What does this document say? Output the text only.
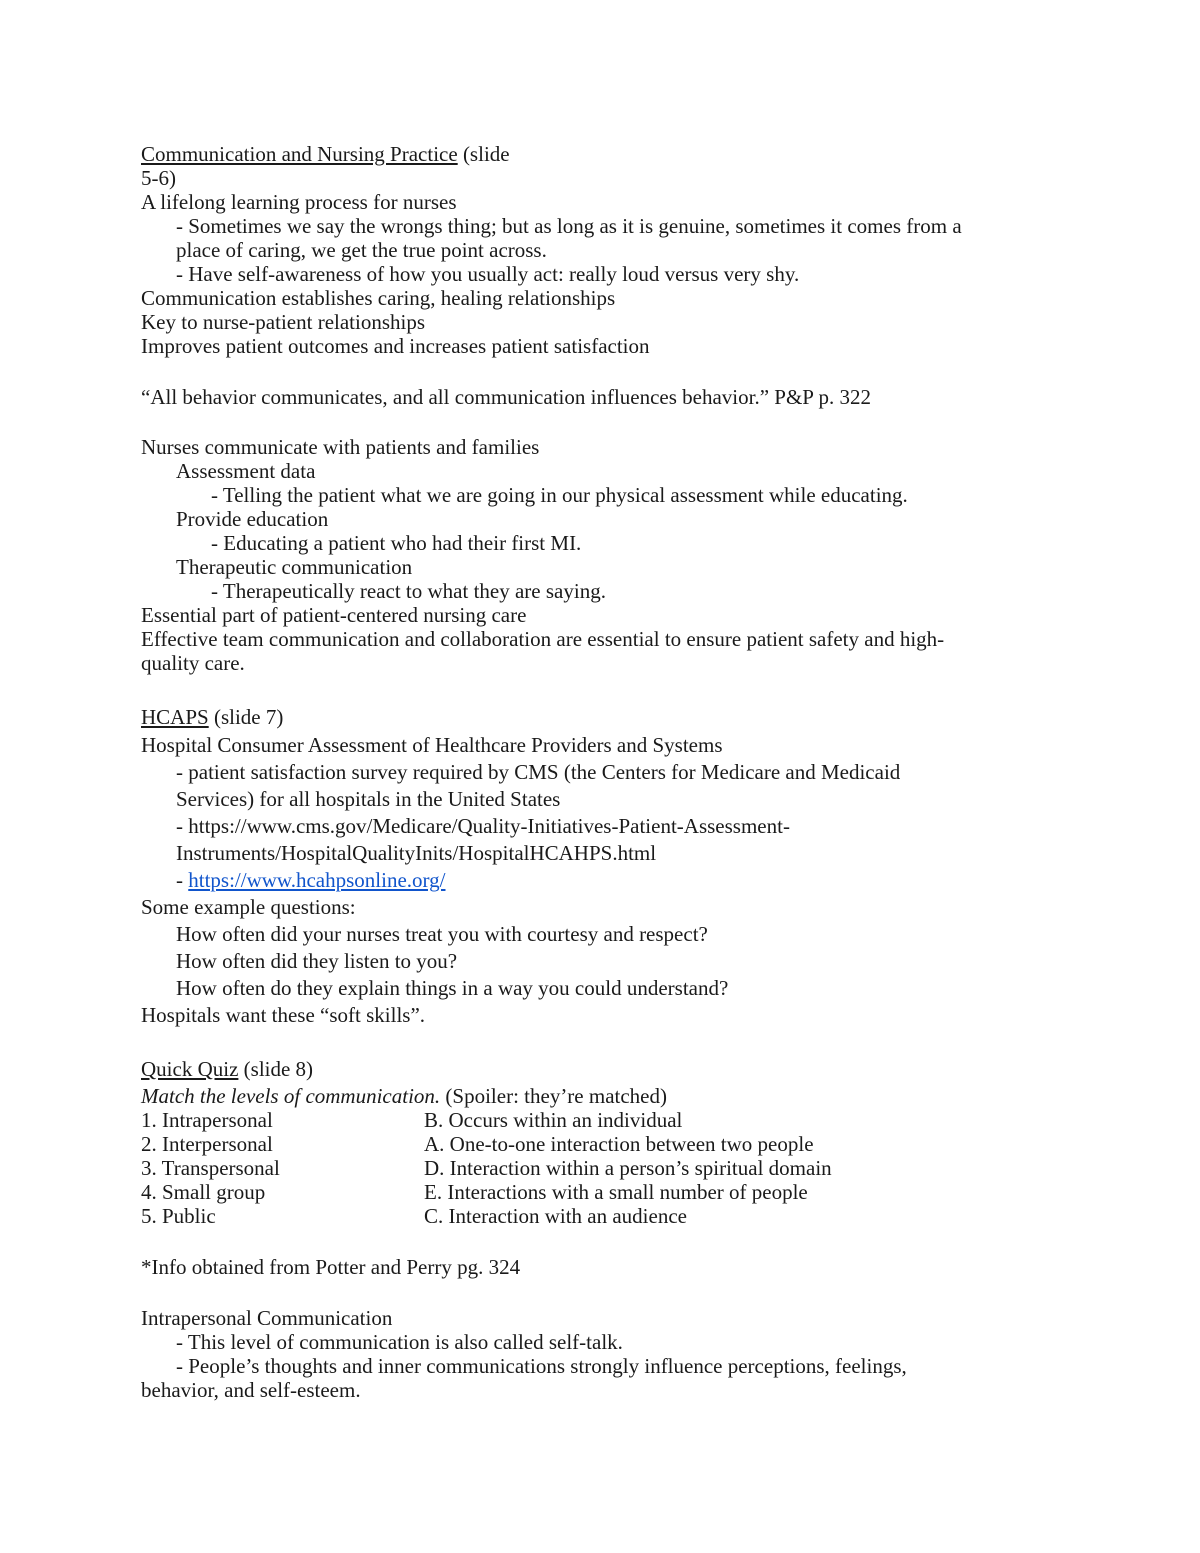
Communication and Nursing Practice (slide

5-6)

A lifelong learning process for nurses

- Sometimes we say the wrongs thing; but as long as it is genuine, sometimes it comes from a

place of caring, we get the true point across.

- Have self-awareness of how you usually act: really loud versus very shy.

Communication establishes caring, healing relationships

Key to nurse-patient relationships

Improves patient outcomes and increases patient satisfaction

“All behavior communicates, and all communication influences behavior.” P&P p. 322

Nurses communicate with patients and families

Assessment data

- Telling the patient what we are going in our physical assessment while educating.

Provide education

- Educating a patient who had their first MI.

Therapeutic communication

- Therapeutically react to what they are saying.

Essential part of patient-centered nursing care

Effective team communication and collaboration are essential to ensure patient safety and high-

quality care.

HCAPS (slide 7)

Hospital Consumer Assessment of Healthcare Providers and Systems

- patient satisfaction survey required by CMS (the Centers for Medicare and Medicaid

Services) for all hospitals in the United States

- https://www.cms.gov/Medicare/Quality-Initiatives-Patient-Assessment-

Instruments/HospitalQualityInits/HospitalHCAHPS.html

- https://www.hcahpsonline.org/

Some example questions:

How often did your nurses treat you with courtesy and respect?

How often did they listen to you?

How often do they explain things in a way you could understand?

Hospitals want these “soft skills”.

Quick Quiz (slide 8)

Match the levels of communication. (Spoiler: they’re matched)

1. Intrapersonal	B. Occurs within an individual

2. Interpersonal	A. One-to-one interaction between two people

3. Transpersonal	D. Interaction within a person’s spiritual domain

4. Small group	E. Interactions with a small number of people

5. Public	C. Interaction with an audience

*Info obtained from Potter and Perry pg. 324

Intrapersonal Communication

- This level of communication is also called self-talk.

- People’s thoughts and inner communications strongly influence perceptions, feelings,

behavior, and self-esteem.
